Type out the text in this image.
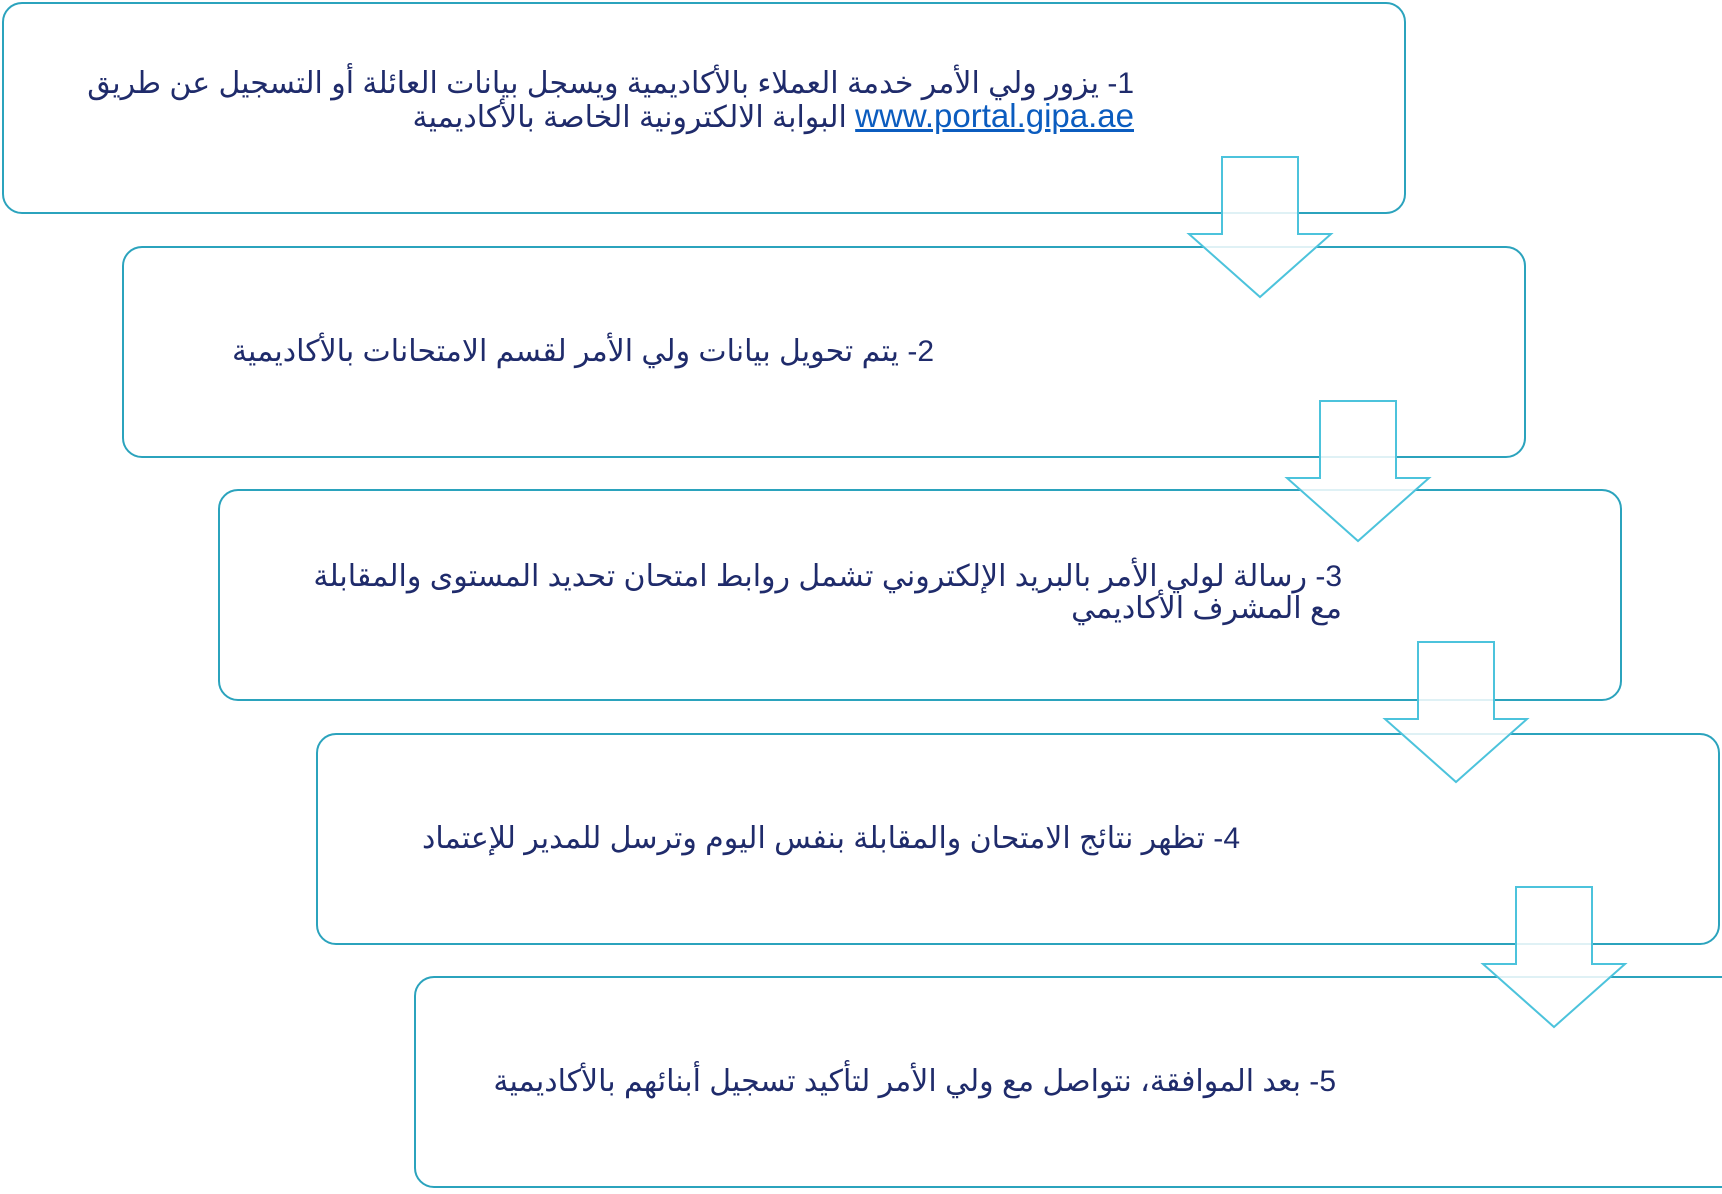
1- يزور ولي الأمر خدمة العملاء بالأكاديمية ويسجل بيانات العائلة أو التسجيل عن طريق
www.portal.gipa.ae البوابة الالكترونية الخاصة بالأكاديمية
2- يتم تحويل بيانات ولي الأمر لقسم الامتحانات بالأكاديمية
3- رسالة لولي الأمر بالبريد الإلكتروني تشمل روابط امتحان تحديد المستوى والمقابلة
مع المشرف الأكاديمي
4- تظهر نتائج الامتحان والمقابلة بنفس اليوم وترسل للمدير للإعتماد
5- بعد الموافقة، نتواصل مع ولي الأمر لتأكيد تسجيل أبنائهم بالأكاديمية
